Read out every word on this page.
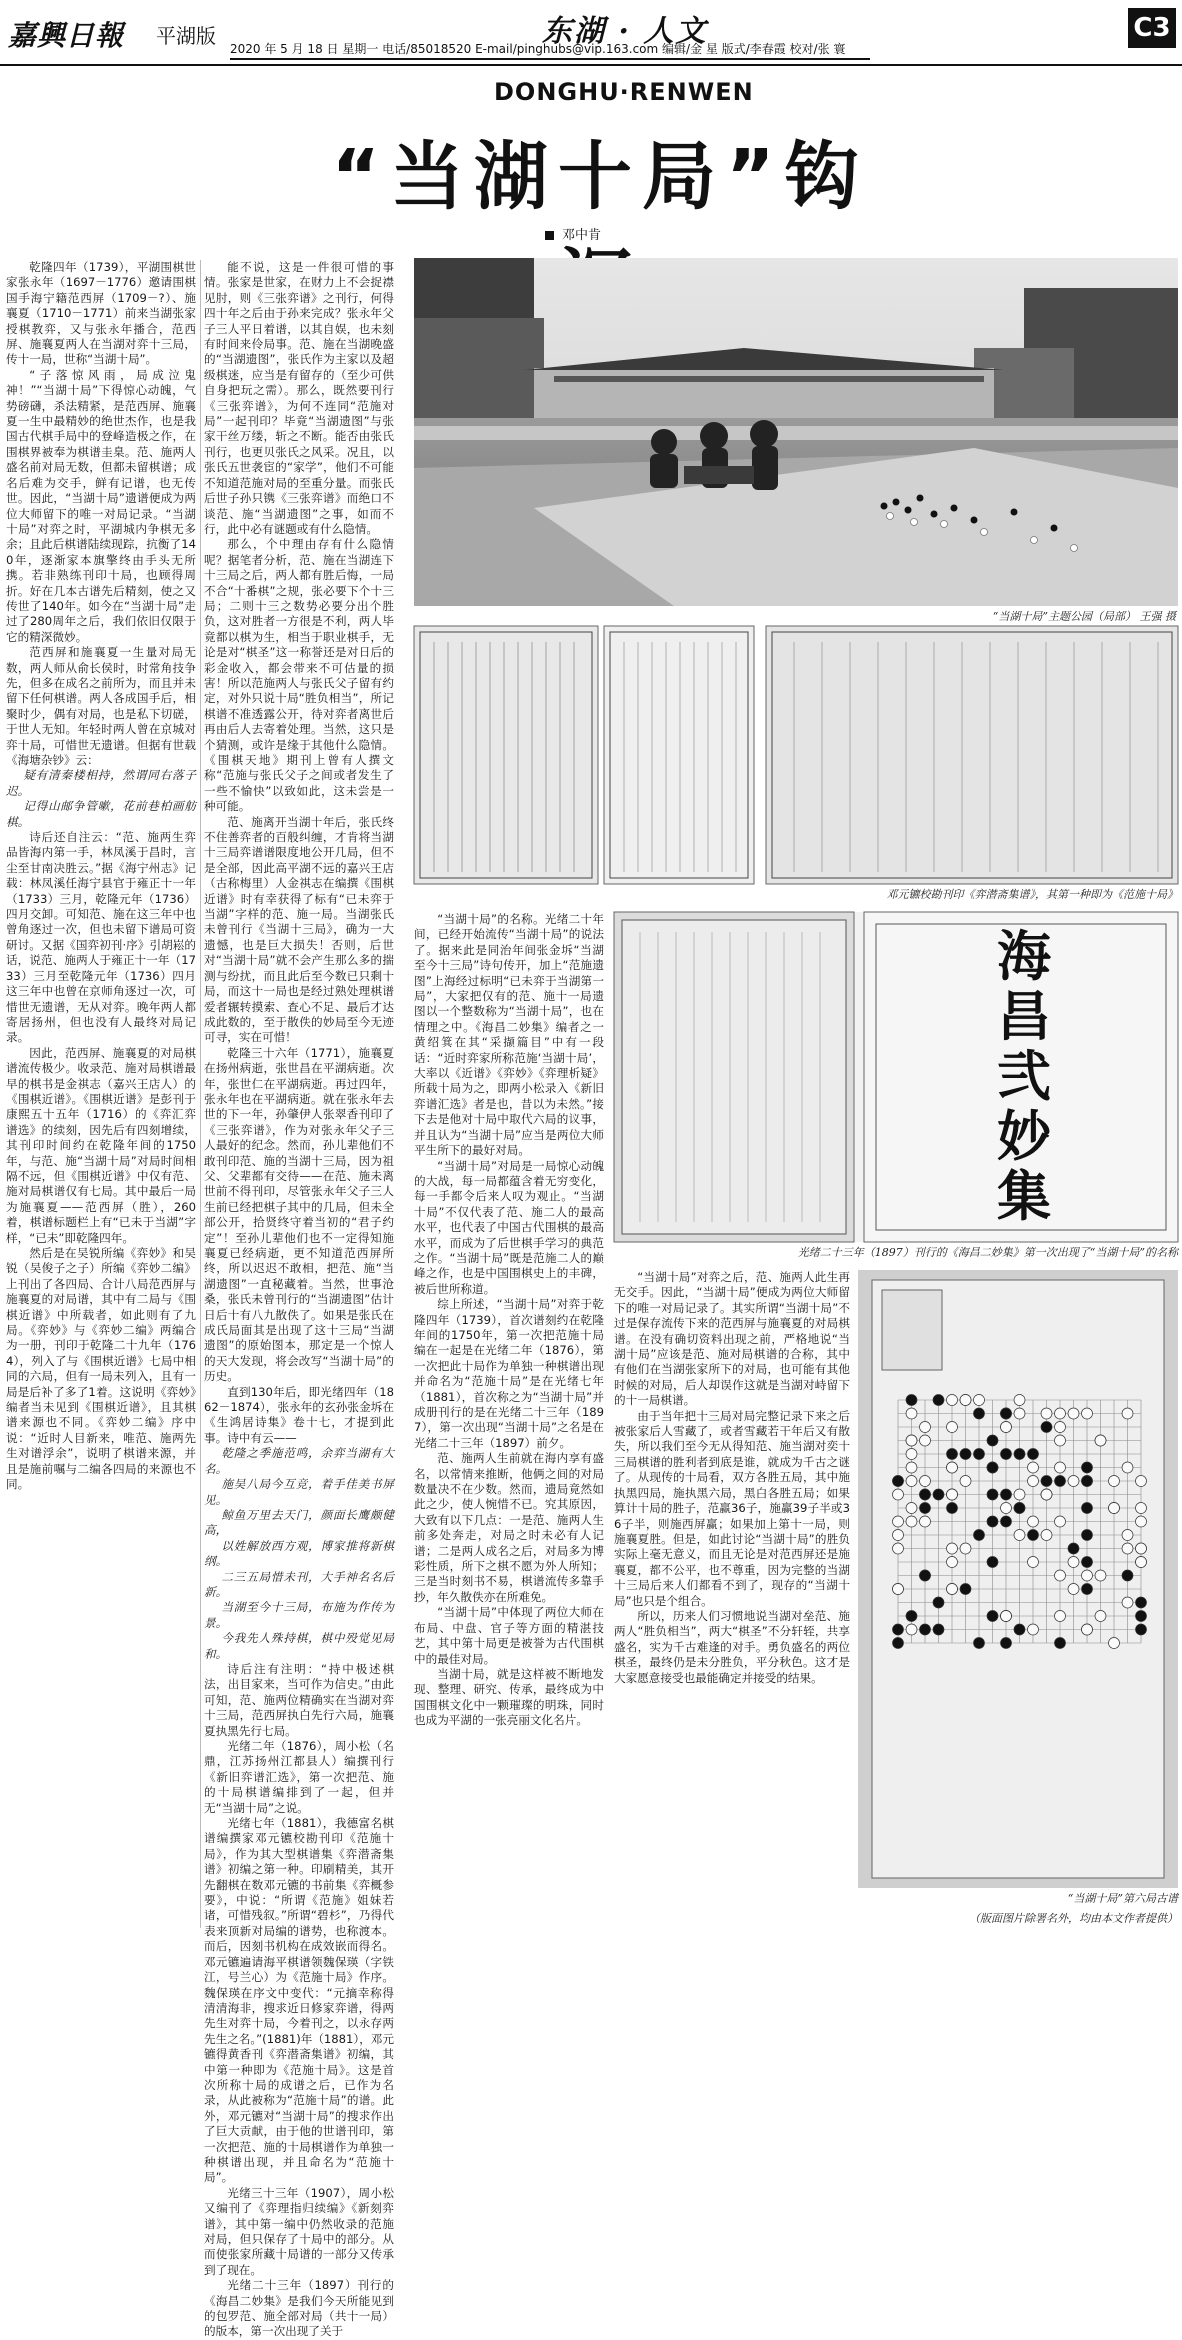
嘉興日報 平湖版	东湖 · 人文
2020 年 5 月 18 日 星期一 电话/85018520 E-mail/pinghubs@vip.163.com 编辑/金 星 版式/李春霞 校对/张 寰
C3
DONGHU·RENWEN
“当湖十局”钩
邓中肯

乾隆四年（1739），平湖围棋世家张永年（1697－1776）邀请围棋国手海宁籍范西屏（1709－?）、施襄夏（1710－1771）前来当湖张家授棋教弈，又与张永年播合，范西屏、施襄夏两人在当湖对弈十三局，传十一局，世称“当湖十局”。

“子落惊风雨，局成泣鬼神！”“当湖十局”下得惊心动魄，气势磅礴，杀法精紧，是范西屏、施襄夏一生中最精妙的绝世杰作，也是我国古代棋手局中的登峰造极之作，在围棋界被奉为棋谱圭臬。范、施两人盛名前对局无数，但都未留棋谱；成名后难为交手，鲜有记谱，也无传世。因此，“当湖十局”遗谱便成为两位大师留下的唯一对局记录。“当湖十局”对弈之时，平湖城内争棋无多余；且此后棋谱陆续现踪，抗衡了140年，逐渐家本旗擎终由手头无所携。若非熟练刊印十局，也顾得周折。好在几本古谱先后精刻，使之又传世了140年。如今在“当湖十局”走过了280周年之后，我们依旧仅限于它的精深微妙。

范西屏和施襄夏一生量对局无数，两人师从俞长侯时，时常角技争先，但多在成名之前所为，而且并未留下任何棋谱。两人各成国手后，相聚时少，偶有对局，也是私下切磋，于世人无知。年轻时两人曾在京城对弈十局，可惜世无遗谱。但据有世载《海塘杂钞》云：

疑有清秦楼相持，然谓同右落子迟。

记得山邮争管嗽，花前巷柏画舫棋。

诗后还自注云：“范、施两生弈品皆海内第一手，林凤溪于昌时，言尘至甘南决胜云。”据《海宁州志》记载：林凤溪任海宁县官于雍正十一年（1733）三月，乾隆元年（1736）四月交卸。可知范、施在这三年中也曾角逐过一次，但也未留下谱局可资研讨。又据《国弈初刊·序》引胡崧的话，说范、施两人于雍正十一年（1733）三月至乾隆元年（1736）四月这三年中也曾在京师角逐过一次，可惜世无遗谱，无从对弈。晚年两人都寄居扬州，但也没有人最终对局记录。

因此，范西屏、施襄夏的对局棋谱流传极少。收录范、施对局棋谱最早的棋书是金祺志（嘉兴王店人）的《围棋近谱》。《围棋近谱》是彭刊于康熙五十五年（1716）的《弈汇弈谱选》的续刻，因先后有四刻增续，其刊印时间约在乾隆年间的1750年，与范、施“当湖十局”对局时间相隔不远，但《围棋近谱》中仅有范、施对局棋谱仅有七局。其中最后一局为施襄夏——范西屏（胜），260着，棋谱标题栏上有“已未于当湖”字样，“已未”即乾隆四年。

然后是在吴锐所编《弈妙》和吴锐（吴俊子之子）所编《弈妙二编》上刊出了各四局、合计八局范西屏与施襄夏的对局谱，其中有二局与《围棋近谱》中所载者，如此则有了九局。《弈妙》与《弈妙二编》两编合为一册，刊印于乾隆二十九年（1764），列入了与《围棋近谱》七局中相同的六局，但有一局未列入，且有一局是后补了多了1着。这说明《弈妙》编者当未见到《围棋近谱》，且其棋谱来源也不同。《弈妙二编》序中说：“近时人目新来，唯范、施两先生对谱浮余”，说明了棋谱来源，并且是施前嘱与二编各四局的来源也不同。

能不说，这是一件很可惜的事情。张家是世家，在财力上不会捉襟见肘，则《三张弈谱》之刊行，何得四十年之后由于孙来完成？张永年父子三人平日着谱，以其自娱，也未刻有时间来伶局事。范、施在当湖晚盛的“当湖遗图”，张氏作为主家以及超级棋迷，应当是有留存的（至少可供自身把玩之需）。那么，既然要刊行《三张弈谱》，为何不连同“范施对局”一起刊印？毕竟“当湖遗图”与张家干丝万缕，斩之不断。能否由张氏刊行，也更贝张氏之风采。况且，以张氏五世袭宦的“家学”，他们不可能不知道范施对局的至重分量。而张氏后世子孙只镌《三张弈谱》而绝口不谈范、施“当湖遗图”之事，如而不行，此中必有谜题或有什么隐情。

那么，个中理由存有什么隐情呢？据笔者分析，范、施在当湖连下十三局之后，两人都有胜后悔，一局不合“十番棋”之规，张必要下个十三局；二则十三之数势必要分出个胜负，这对胜者一方很是不利，两人毕竟都以棋为生，相当于职业棋手，无论是对“棋圣”这一称誉还是对日后的彩金收入，都会带来不可估量的损害！所以范施两人与张氏父子留有约定，对外只说十局“胜负相当”，所记棋谱不准透露公开，待对弈者离世后再由后人去寄着处理。当然，这只是个猜测，或许是缘于其他什么隐情。《围棋天地》期刊上曾有人撰文称“范施与张氏父子之间或者发生了一些不愉快”以致如此，这未尝是一种可能。

范、施离开当湖十年后，张氏终不住善弈者的百般纠缠，才肯将当湖十三局弈谱谱限度地公开几局，但不是全部，因此高平湖不远的嘉兴王店（古称梅里）人金祺志在编撰《围棋近谱》时有幸获得了标有“已未弈于当湖”字样的范、施一局。当湖张氏未曾刊行《当湖十三局》，确为一大遗憾，也是巨大损失！否则，后世对“当湖十局”就不会产生那么多的揣测与纷扰，而且此后至今数已只剩十局，而这十一局也是经过熟处理棋谱爱者辗转摸索、查心不足、最后才达成此数的，至于散佚的妙局至今无迹可寻，实在可惜！

乾隆三十六年（1771），施襄夏在扬州病逝，张世昌在平湖病逝。次年，张世仁在平湖病逝。再过四年，张永年也在平湖病逝。就在张永年去世的下一年，孙肇伊人张翠香刊印了《三张弈谱》，作为对张永年父子三人最好的纪念。然而，孙儿辈他们不敢刊印范、施的当湖十三局，因为祖父、父辈都有交待——在范、施未离世前不得刊印，尽管张永年父子三人生前已经把棋子其中的几局，但未全部公开，拾贤终守着当初的“君子约定”！至孙儿辈他们也不一定得知施襄夏已经病逝，更不知道范西屏所终，所以迟迟不敢相，把范、施“当湖遗图”一直秘藏着。当然，世事沧桑，张氏未曾刊行的“当湖遗图”估计日后十有八九散佚了。如果是张氏在成氏局面其是出现了这十三局“当湖遗图”的原始图本，那定是一个惊人的天大发现，将会改写“当湖十局”的历史。

直到130年后，即光绪四年（1862－1874），张永年的玄孙张金坼在《生鸿居诗集》卷十七，才提到此事。诗中有云——

乾隆之季施范鸣，余弈当湖有大名。

施吴八局今互竞，着手佳美书屏见。

鲸鱼万里去天门，颜面长鹰颇健高，

以姓解放西方观，博家推将新棋纲。

二三五局惜未刊，大手神名名后新。

当湖至今十三局，布施为作传为景。

今我先人殊持棋，棋中殁觉见局和。

诗后注有注明：“持中极述棋法，出目家来，当可作为信史。”由此可知，范、施两位精确实在当湖对弈十三局，范西屏执白先行六局，施襄夏执黑先行七局。

光绪二年（1876），周小松（名鼎，江苏扬州江都县人）编撰刊行《新旧弈谱汇选》，第一次把范、施的十局棋谱编排到了一起，但并无“当湖十局”之说。

光绪七年（1881），我德富名棋谱编撰家邓元镳校勘刊印《范施十局》，作为其大型棋谱集《弈潜斋集谱》初编之第一种。印刷精美，其开先翻棋在数邓元镳的书前集《弈概参要》，中说：“所谓《范施》姐妹若诸，可惜残叙。”所谓“碧杉”，乃得代表来顶新对局编的谱势，也称渡本。而后，因刻书机构在成效嵌而得名。邓元镳遍请海平棋谱领魏保瑛（字铁江，号兰心）为《范施十局》作序。魏保瑛在序文中变代：“元摘幸称得清清海非，搜求近日修家弈谱，得两先生对弈十局，今着刊之，以永存两先生之名。”(1881)年（1881），邓元镳得黄香刊《弈潜斋集谱》初编，其中第一种即为《范施十局》。这是首次所称十局的成谱之后，已作为名录，从此被称为“范施十局”的谱。此外，邓元镳对“当湖十局”的搜求作出了巨大贡献，由于他的世谱刊印，第一次把范、施的十局棋谱作为单独一种棋谱出现，并且命名为“范施十局”。

光绪三十三年（1907），周小松又编刊了《弈理指归续编》《新刻弈谱》，其中第一编中仍然收录的范施对局，但只保存了十局中的部分。从而使张家所藏十局谱的一部分又传承到了现在。

光绪二十三年（1897）刊行的《海昌二妙集》是我们今天所能见到的包罗范、施全部对局（共十一局）的版本，第一次出现了关于

“当湖十局”主题公园（局部） 王强 摄
邓元镳校勘刊印《弈潜斋集谱》，其第一种即为《范施十局》

“当湖十局”的名称。光绪二十年间，已经开始流传“当湖十局”的说法了。据来此是同治年间张金坼“当湖至今十三局”诗句传开，加上“范施遗图”上海经过标明“已未弈于当湖第一局”，大家把仅有的范、施十一局遗图以一个整数称为“当湖十局”，也在情理之中。《海昌二妙集》编者之一黄绍箕在其“采撷篇目”中有一段话：“近时弈家所称范施‘当湖十局’，大率以《近谱》《弈妙》《弈理析疑》所载十局为之，即两小松录入《新旧弈谱汇选》者是也，昔以为未然。”接下去是他对十局中取代六局的议事，并且认为“当湖十局”应当是两位大师平生所下的最好对局。

“当湖十局”对局是一局惊心动魄的大战，每一局都蕴含着无穷变化，每一手都令后来人叹为观止。“当湖十局”不仅代表了范、施二人的最高水平，也代表了中国古代围棋的最高水平，而成为了后世棋手学习的典范之作。“当湖十局”既是范施二人的巅峰之作，也是中国围棋史上的丰碑，被后世所称道。

综上所述，“当湖十局”对弈于乾隆四年（1739），首次谱刻约在乾隆年间的1750年，第一次把范施十局编在一起是在光绪二年（1876），第一次把此十局作为单独一种棋谱出现并命名为“范施十局”是在光绪七年（1881），首次称之为“当湖十局”并成册刊行的是在光绪二十三年（1897），第一次出现“当湖十局”之名是在光绪二十三年（1897）前夕。

范、施两人生前就在海内享有盛名，以常情来推断，他俩之间的对局数量决不在少数。然而，遗局竟然如此之少，使人惋惜不已。究其原因，大致有以下几点：一是范、施两人生前多处奔走，对局之时未必有人记谱；二是两人成名之后，对局多为博彩性质，所下之棋不愿为外人所知；三是当时刻书不易，棋谱流传多靠手抄，年久散佚亦在所难免。

“当湖十局”中体现了两位大师在布局、中盘、官子等方面的精湛技艺，其中第十局更是被誉为古代围棋中的最佳对局。

当湖十局，就是这样被不断地发现、整理、研究、传承，最终成为中国围棋文化中一颗璀璨的明珠，同时也成为平湖的一张亮丽文化名片。

海昌弐妙集
光绪二十三年（1897）刊行的《海昌二妙集》第一次出现了“当湖十局”的名称

“当湖十局”对弈之后，范、施两人此生再无交手。因此，“当湖十局”便成为两位大师留下的唯一对局记录了。其实所谓“当湖十局”不过是保存流传下来的范西屏与施襄夏的对局棋谱。在没有确切资料出现之前，严格地说“当湖十局”应该是范、施对局棋谱的合称，其中有他们在当湖张家所下的对局，也可能有其他时候的对局，后人却误作这就是当湖对峙留下的十一局棋谱。

由于当年把十三局对局完整记录下来之后被张家后人雪藏了，或者雪藏若干年后又有散失，所以我们至今无从得知范、施当湖对奕十三局棋谱的胜利者到底是谁，就成为千古之谜了。从现传的十局看，双方各胜五局，其中施执黑四局，施执黑六局，黑白各胜五局；如果算计十局的胜子，范赢36子，施赢39子半或36子半，则施西屏赢；如果加上第十一局，则施襄夏胜。但是，如此讨论“当湖十局”的胜负实际上毫无意义，而且无论是对范西屏还是施襄夏，都不公平，也不尊重，因为完整的当湖十三局后来人们都看不到了，现存的“当湖十局”也只是个组合。

所以，历来人们习惯地说当湖对垒范、施两人“胜负相当”，两大“棋圣”不分轩轾，共享盛名，实为千古难逢的对手。勇负盛名的两位棋圣，最终仍是未分胜负，平分秋色。这才是大家愿意接受也最能确定并接受的结果。

“当湖十局”第六局古谱
（版面图片除署名外，均由本文作者提供）
